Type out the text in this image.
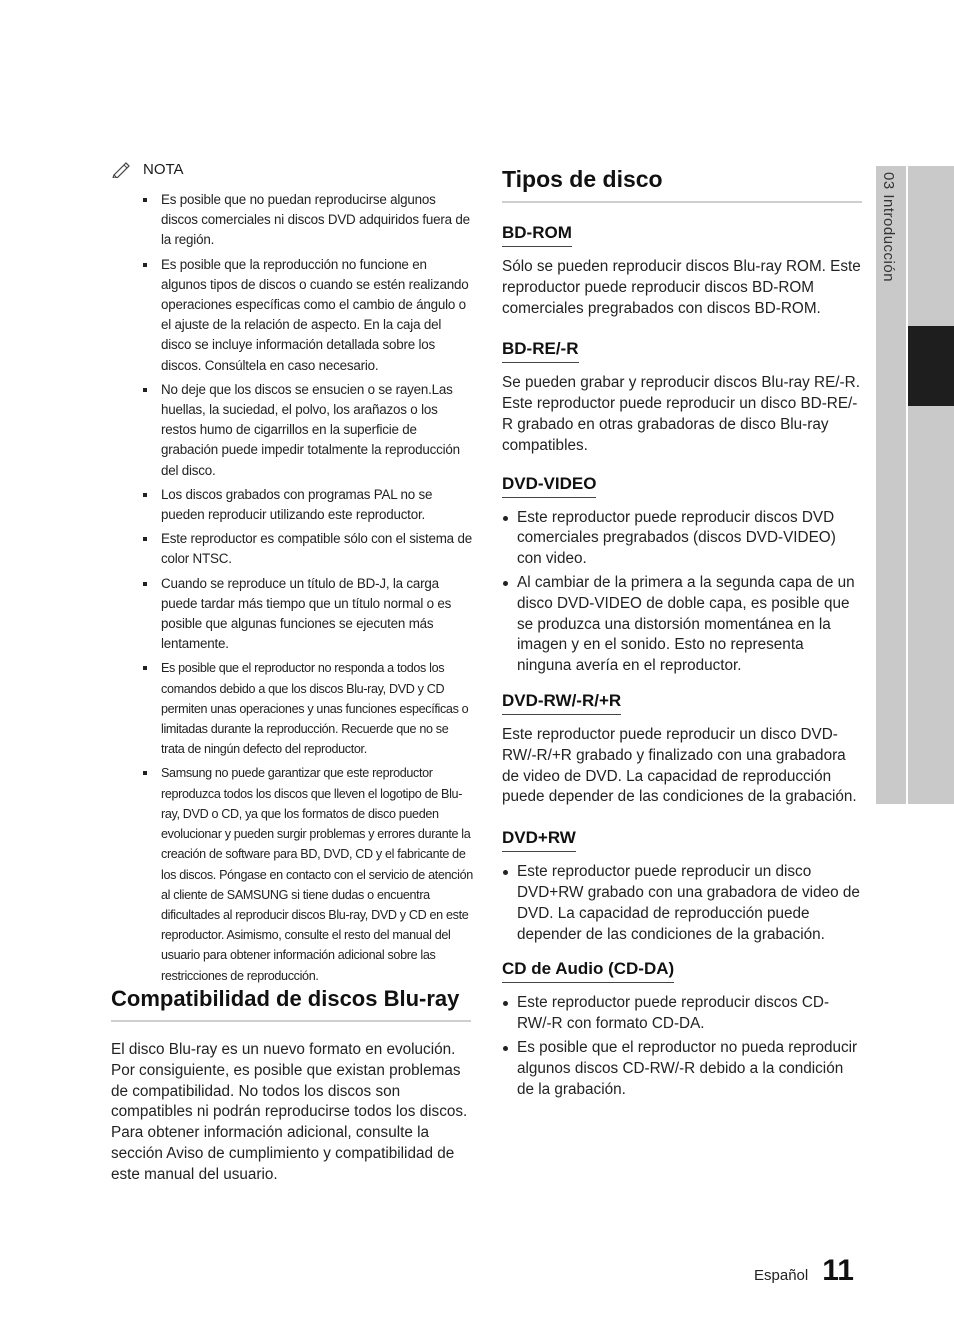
03 Introducción
NOTA
Es posible que no puedan reproducirse algunos discos comerciales ni discos DVD adquiridos fuera de la región.
Es posible que la reproducción no funcione en algunos tipos de discos o cuando se estén realizando operaciones específicas como el cambio de ángulo o el ajuste de la relación de aspecto. En la caja del disco se incluye información detallada sobre los discos. Consúltela en caso necesario.
No deje que los discos se ensucien o se rayen.Las huellas, la suciedad, el polvo, los arañazos o los restos humo de cigarrillos en la superficie de grabación puede impedir totalmente la reproducción del disco.
Los discos grabados con programas PAL no se pueden reproducir utilizando este reproductor.
Este reproductor es compatible sólo con el sistema de color NTSC.
Cuando se reproduce un título de BD-J, la carga puede tardar más tiempo que un título normal o es posible que algunas funciones se ejecuten más lentamente.
Es posible que el reproductor no responda a todos los comandos debido a que los discos Blu-ray, DVD y CD permiten unas operaciones y unas funciones específicas o limitadas durante la reproducción. Recuerde que no se trata de ningún defecto del reproductor.
Samsung no puede garantizar que este reproductor reproduzca todos los discos que lleven el logotipo de Blu-ray, DVD o CD, ya que los formatos de disco pueden evolucionar y pueden surgir problemas y errores durante la creación de software para BD, DVD, CD y el fabricante de los discos. Póngase en contacto con el servicio de atención al cliente de SAMSUNG si tiene dudas o encuentra dificultades al reproducir discos Blu-ray, DVD y CD en este reproductor. Asimismo, consulte el resto del manual del usuario para obtener información adicional sobre las restricciones de reproducción.
Compatibilidad de discos Blu-ray

El disco Blu-ray es un nuevo formato en evolución. Por consiguiente, es posible que existan problemas de compatibilidad. No todos los discos son compatibles ni podrán reproducirse todos los discos. Para obtener información adicional, consulte la sección Aviso de cumplimiento y compatibilidad de este manual del usuario.

Tipos de disco
BD-ROM

Sólo se pueden reproducir discos Blu-ray ROM. Este reproductor puede reproducir discos BD-ROM comerciales pregrabados con discos BD-ROM.

BD-RE/-R

Se pueden grabar y reproducir discos Blu-ray RE/-R. Este reproductor puede reproducir un disco BD-RE/-R grabado en otras grabadoras de disco Blu-ray compatibles.

DVD-VIDEO
Este reproductor puede reproducir discos DVD comerciales pregrabados (discos DVD-VIDEO) con video.
Al cambiar de la primera a la segunda capa de un disco DVD-VIDEO de doble capa, es posible que se produzca una distorsión momentánea en la imagen y en el sonido. Esto no representa ninguna avería en el reproductor.
DVD-RW/-R/+R

Este reproductor puede reproducir un disco DVD-RW/-R/+R grabado y finalizado con una grabadora de video de DVD. La capacidad de reproducción puede depender de las condiciones de la grabación.

DVD+RW
Este reproductor puede reproducir un disco DVD+RW grabado con una grabadora de video de DVD. La capacidad de reproducción puede depender de las condiciones de la grabación.
CD de Audio (CD-DA)
Este reproductor puede reproducir discos CD-RW/-R con formato CD-DA.
Es posible que el reproductor no pueda reproducir algunos discos CD-RW/-R debido a la condición de la grabación.
Español 11
